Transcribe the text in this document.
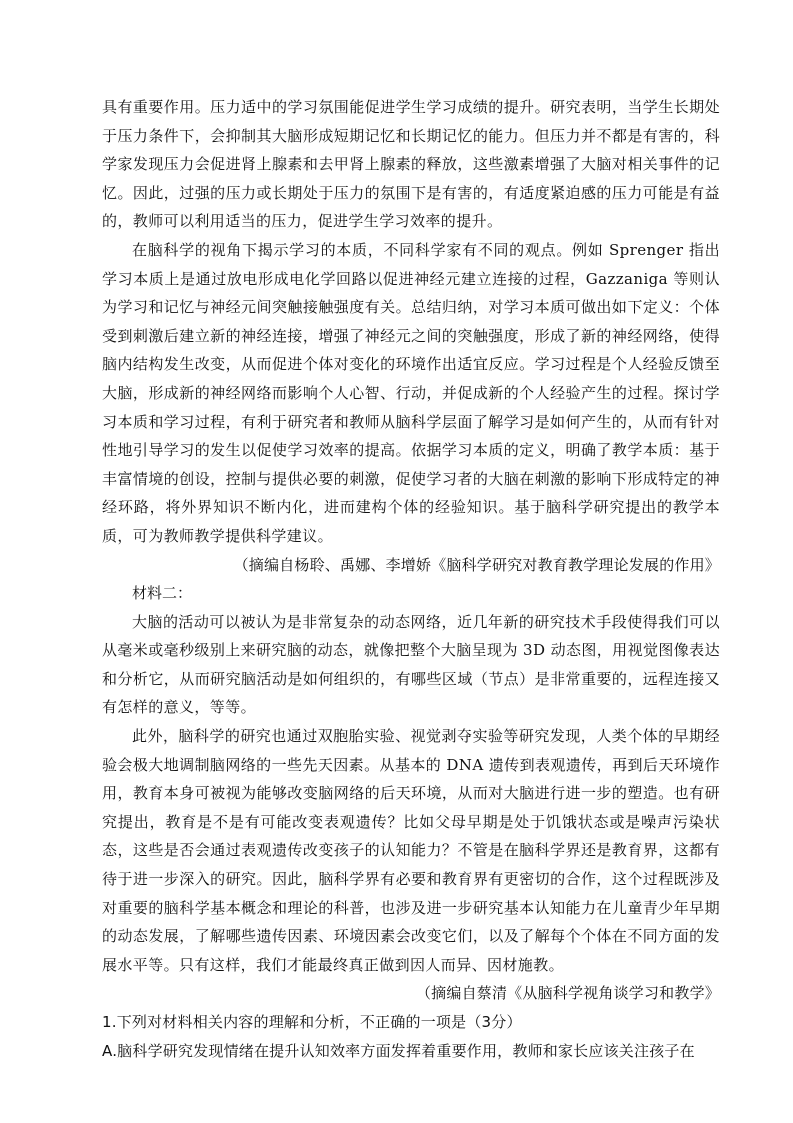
具有重要作用。压力适中的学习氛围能促进学生学习成绩的提升。研究表明，当学生长期处于压力条件下，会抑制其大脑形成短期记忆和长期记忆的能力。但压力并不都是有害的，科学家发现压力会促进肾上腺素和去甲肾上腺素的释放，这些激素增强了大脑对相关事件的记忆。因此，过强的压力或长期处于压力的氛围下是有害的，有适度紧迫感的压力可能是有益的，教师可以利用适当的压力，促进学生学习效率的提升。

在脑科学的视角下揭示学习的本质，不同科学家有不同的观点。例如 Sprenger 指出学习本质上是通过放电形成电化学回路以促进神经元建立连接的过程，Gazzaniga 等则认为学习和记忆与神经元间突触接触强度有关。总结归纳，对学习本质可做出如下定义：个体受到刺激后建立新的神经连接，增强了神经元之间的突触强度，形成了新的神经网络，使得脑内结构发生改变，从而促进个体对变化的环境作出适宜反应。学习过程是个人经验反馈至大脑，形成新的神经网络而影响个人心智、行动，并促成新的个人经验产生的过程。探讨学习本质和学习过程，有利于研究者和教师从脑科学层面了解学习是如何产生的，从而有针对性地引导学习的发生以促使学习效率的提高。依据学习本质的定义，明确了教学本质：基于丰富情境的创设，控制与提供必要的刺激，促使学习者的大脑在刺激的影响下形成特定的神经环路，将外界知识不断内化，进而建构个体的经验知识。基于脑科学研究提出的教学本质，可为教师教学提供科学建议。

（摘编自杨聆、禹娜、李增娇《脑科学研究对教育教学理论发展的作用》

材料二：

大脑的活动可以被认为是非常复杂的动态网络，近几年新的研究技术手段使得我们可以从毫米或毫秒级别上来研究脑的动态，就像把整个大脑呈现为 3D 动态图，用视觉图像表达和分析它，从而研究脑活动是如何组织的，有哪些区域（节点）是非常重要的，远程连接又有怎样的意义，等等。

此外，脑科学的研究也通过双胞胎实验、视觉剥夺实验等研究发现，人类个体的早期经验会极大地调制脑网络的一些先天因素。从基本的 DNA 遗传到表观遗传，再到后天环境作用，教育本身可被视为能够改变脑网络的后天环境，从而对大脑进行进一步的塑造。也有研究提出，教育是不是有可能改变表观遗传？比如父母早期是处于饥饿状态或是噪声污染状态，这些是否会通过表观遗传改变孩子的认知能力？不管是在脑科学界还是教育界，这都有待于进一步深入的研究。因此，脑科学界有必要和教育界有更密切的合作，这个过程既涉及对重要的脑科学基本概念和理论的科普，也涉及进一步研究基本认知能力在儿童青少年早期的动态发展，了解哪些遗传因素、环境因素会改变它们，以及了解每个个体在不同方面的发展水平等。只有这样，我们才能最终真正做到因人而异、因材施教。

（摘编自蔡清《从脑科学视角谈学习和教学》

1.下列对材料相关内容的理解和分析，不正确的一项是（3分）

A.脑科学研究发现情绪在提升认知效率方面发挥着重要作用，教师和家长应该关注孩子在
